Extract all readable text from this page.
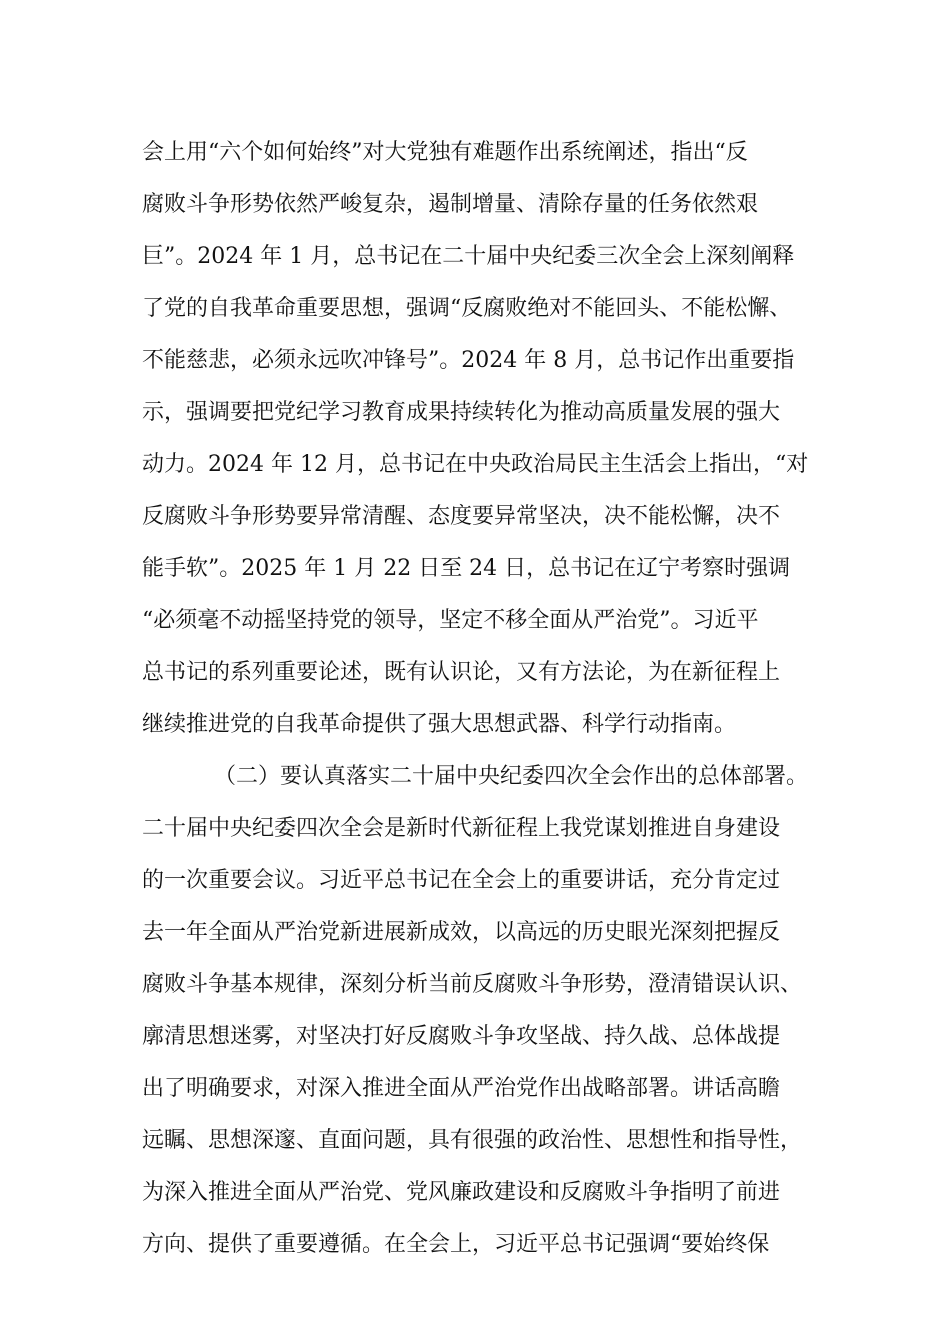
会上用“六个如何始终”对大党独有难题作出系统阐述，指出“反
腐败斗争形势依然严峻复杂，遏制增量、清除存量的任务依然艰
巨”。2024 年 1 月，总书记在二十届中央纪委三次全会上深刻阐释
了党的自我革命重要思想，强调“反腐败绝对不能回头、不能松懈、
不能慈悲，必须永远吹冲锋号”。2024 年 8 月，总书记作出重要指
示，强调要把党纪学习教育成果持续转化为推动高质量发展的强大
动力。2024 年 12 月，总书记在中央政治局民主生活会上指出，“对
反腐败斗争形势要异常清醒、态度要异常坚决，决不能松懈，决不
能手软”。2025 年 1 月 22 日至 24 日，总书记在辽宁考察时强调
“必须毫不动摇坚持党的领导，坚定不移全面从严治党”。习近平
总书记的系列重要论述，既有认识论，又有方法论，为在新征程上
继续推进党的自我革命提供了强大思想武器、科学行动指南。
（二）要认真落实二十届中央纪委四次全会作出的总体部署。
二十届中央纪委四次全会是新时代新征程上我党谋划推进自身建设
的一次重要会议。习近平总书记在全会上的重要讲话，充分肯定过
去一年全面从严治党新进展新成效，以高远的历史眼光深刻把握反
腐败斗争基本规律，深刻分析当前反腐败斗争形势，澄清错误认识、
廓清思想迷雾，对坚决打好反腐败斗争攻坚战、持久战、总体战提
出了明确要求，对深入推进全面从严治党作出战略部署。讲话高瞻
远瞩、思想深邃、直面问题，具有很强的政治性、思想性和指导性，
为深入推进全面从严治党、党风廉政建设和反腐败斗争指明了前进
方向、提供了重要遵循。在全会上，习近平总书记强调“要始终保
